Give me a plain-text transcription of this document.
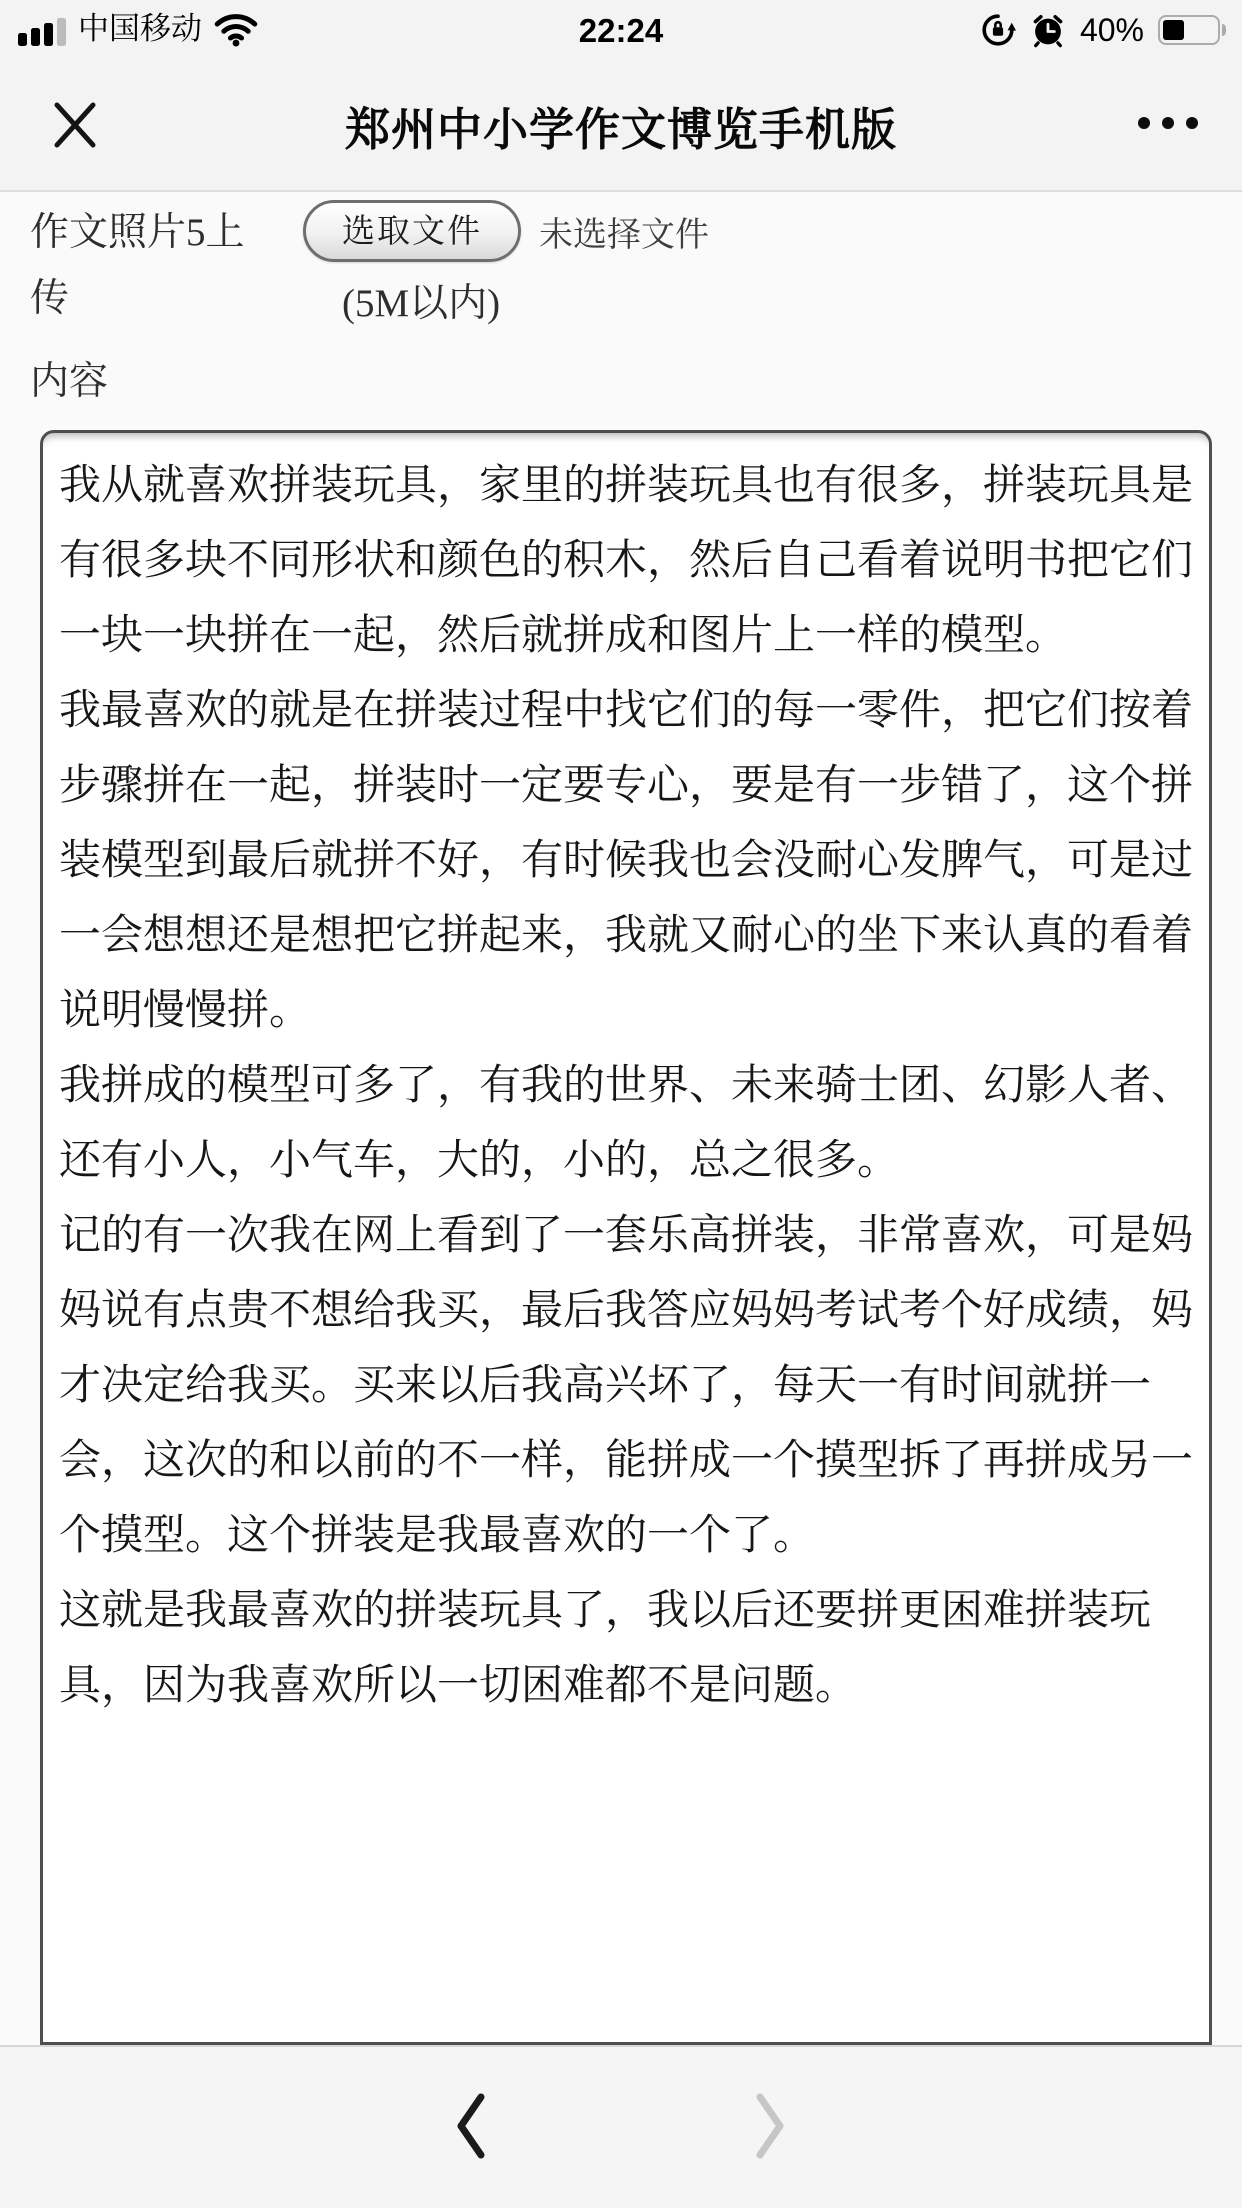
中国移动	22:24	40%
郑州中小学作文博览手机版
作文照片5上传
选取文件	未选择文件
(5M以内)
内容

我从就喜欢拼装玩具，家里的拼装玩具也有很多，拼装玩具是有很多块不同形状和颜色的积木，然后自己看着说明书把它们一块一块拼在一起，然后就拼成和图片上一样的模型。

我最喜欢的就是在拼装过程中找它们的每一零件，把它们按着步骤拼在一起，拼装时一定要专心，要是有一步错了，这个拼装模型到最后就拼不好，有时候我也会没耐心发脾气，可是过一会想想还是想把它拼起来，我就又耐心的坐下来认真的看着说明慢慢拼。

我拼成的模型可多了，有我的世界、未来骑士团、幻影人者、还有小人，小气车，大的，小的，总之很多。

记的有一次我在网上看到了一套乐高拼装，非常喜欢，可是妈妈说有点贵不想给我买，最后我答应妈妈考试考个好成绩，妈才决定给我买。买来以后我高兴坏了，每天一有时间就拼一会，这次的和以前的不一样，能拼成一个摸型拆了再拼成另一个摸型。这个拼装是我最喜欢的一个了。

这就是我最喜欢的拼装玩具了，我以后还要拼更困难拼装玩具，因为我喜欢所以一切困难都不是问题。
